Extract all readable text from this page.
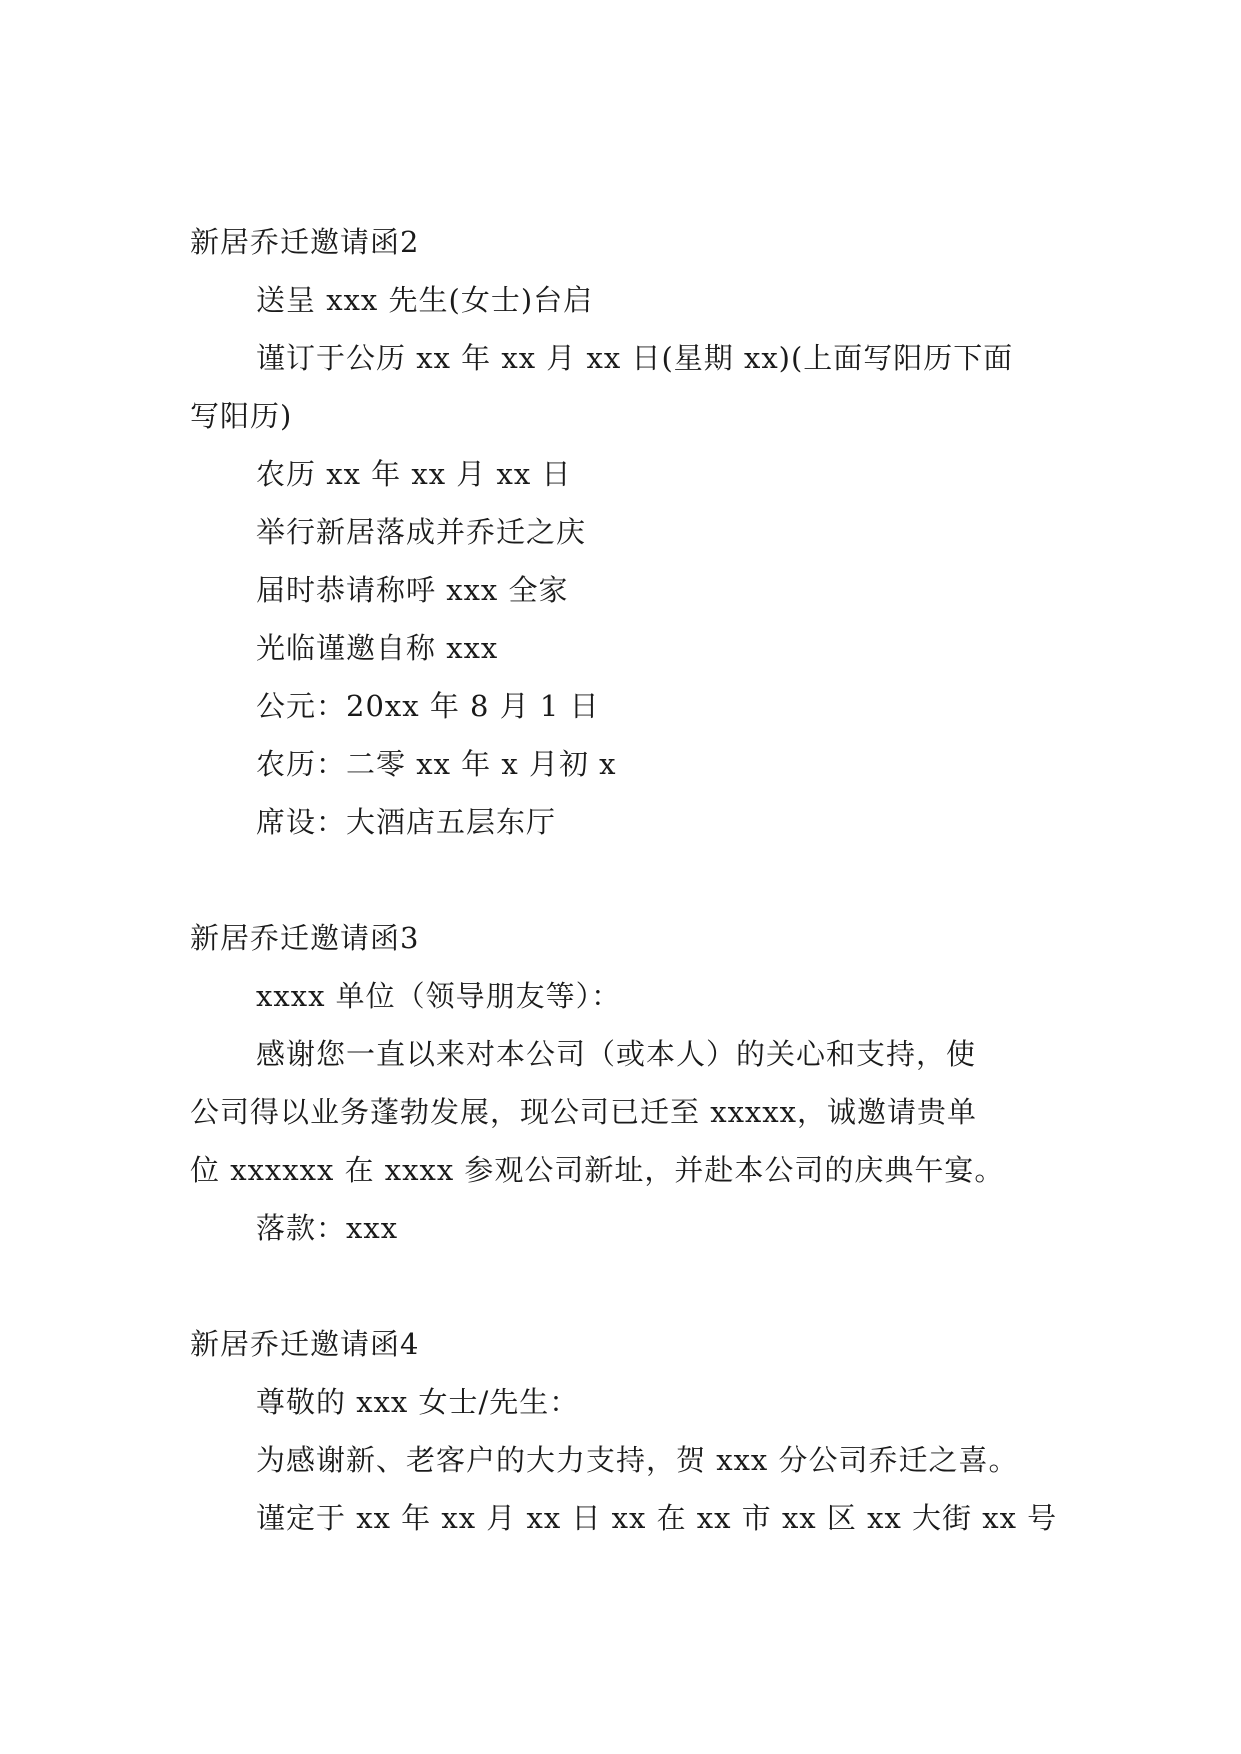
新居乔迁邀请函2
送呈 xxx 先生(女士)台启
谨订于公历 xx 年 xx 月 xx 日(星期 xx)(上面写阳历下面
写阳历)
农历 xx 年 xx 月 xx 日
举行新居落成并乔迁之庆
届时恭请称呼 xxx 全家
光临谨邀自称 xxx
公元：20xx 年 8 月 1 日
农历：二零 xx 年 x 月初 x
席设：大酒店五层东厅
新居乔迁邀请函3
xxxx 单位（领导朋友等）：
感谢您一直以来对本公司（或本人）的关心和支持，使
公司得以业务蓬勃发展，现公司已迁至 xxxxx，诚邀请贵单
位 xxxxxx 在 xxxx 参观公司新址，并赴本公司的庆典午宴。
落款：xxx
新居乔迁邀请函4
尊敬的 xxx 女士/先生：
为感谢新、老客户的大力支持，贺 xxx 分公司乔迁之喜。
谨定于 xx 年 xx 月 xx 日 xx 在 xx 市 xx 区 xx 大街 xx 号
